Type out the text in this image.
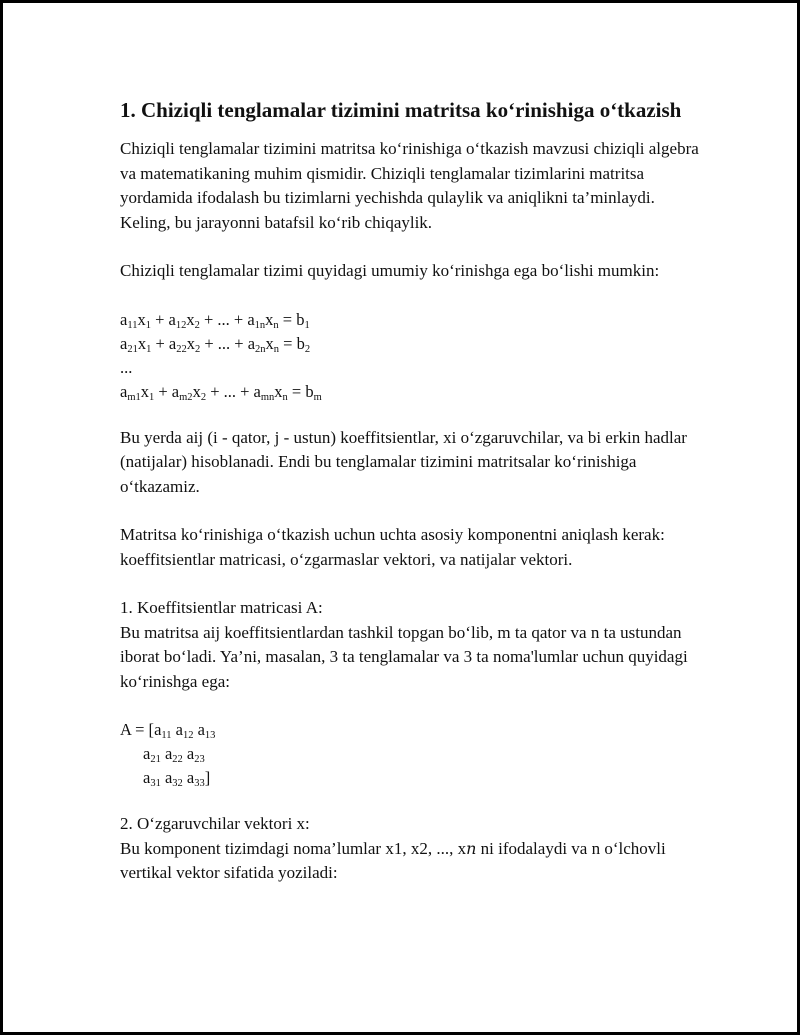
1. Chiziqli tenglamalar tizimini matritsa ko‘rinishiga o‘tkazish

Chiziqli tenglamalar tizimini matritsa ko‘rinishiga o‘tkazish mavzusi chiziqli algebra va matematikaning muhim qismidir. Chiziqli tenglamalar tizimlarini matritsa yordamida ifodalash bu tizimlarni yechishda qulaylik va aniqlikni ta’minlaydi. Keling, bu jarayonni batafsil ko‘rib chiqaylik.

Chiziqli tenglamalar tizimi quyidagi umumiy ko‘rinishga ega bo‘lishi mumkin:

$a_{11}x_1 + a_{12}x_2$ + ... + $a_{1n}x_n = b_1$
$a_{21}x_1 + a_{22}x_2$ + ... + $a_{2n}x_n = b_2$
...
$a_{m1}x_1 + a_{m2}x_2$ + ... + $a_{mn}x_n = b_m$

Bu yerda aij (i - qator, j - ustun) koeffitsientlar, xi o‘zgaruvchilar, va bi erkin hadlar (natijalar) hisoblanadi. Endi bu tenglamalar tizimini matritsalar ko‘rinishiga o‘tkazamiz.

Matritsa ko‘rinishiga o‘tkazish uchun uchta asosiy komponentni aniqlash kerak: koeffitsientlar matricasi, o‘zgarmaslar vektori, va natijalar vektori.

1. Koeffitsientlar matricasi A:
Bu matritsa aij koeffitsientlardan tashkil topgan bo‘lib, m ta qator va n ta ustundan iborat bo‘ladi. Ya’ni, masalan, 3 ta tenglamalar va 3 ta noma'lumlar uchun quyidagi ko‘rinishga ega:

$A = [a_{11}$ $a_{12}$ $a_{13}$
$a_{21}$ $a_{22}$ $a_{23}$
$a_{31}$ $a_{32}$ $a_{33}$]

2. O‘zgaruvchilar vektori x:
Bu komponent tizimdagi noma’lumlar x1, x2, ..., xn ni ifodalaydi va n o‘lchovli vertikal vektor sifatida yoziladi:
